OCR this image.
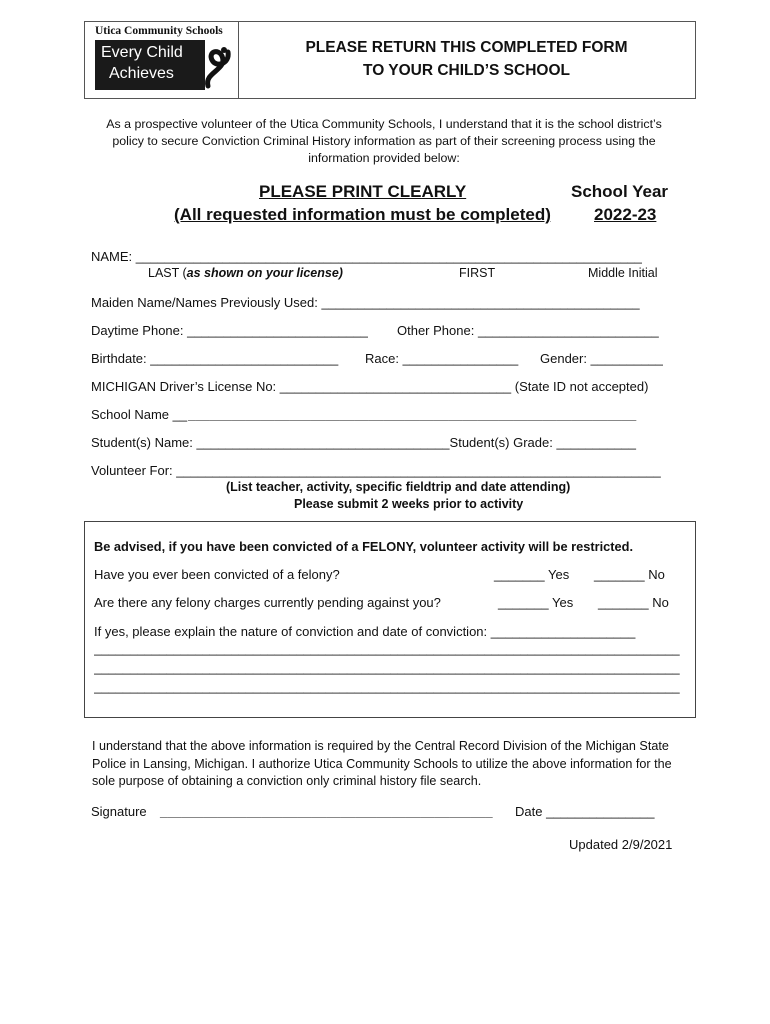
Utica Community Schools
Every Child
Achieves
PLEASE RETURN THIS COMPLETED FORM
TO YOUR CHILD’S SCHOOL
As a prospective volunteer of the Utica Community Schools, I understand that it is the school district’s policy to secure Conviction Criminal History information as part of their screening process using the information provided below:
PLEASE PRINT CLEARLY
(All requested information must be completed)
School Year
2022-23
NAME: ______________________________________________________________________
LAST (as shown on your license)	FIRST	Middle Initial
Maiden Name/Names Previously Used: ____________________________________________
Daytime Phone: _________________________ Other Phone: _________________________
Birthdate: __________________________ Race: ________________ Gender: __________
MICHIGAN Driver’s License No: ________________________________ (State ID not accepted)
School Name __ ______________________________________________________________
Student(s) Name: ___________________________________Student(s) Grade: ___________
Volunteer For: ___________________________________________________________________
(List teacher, activity, specific fieldtrip and date attending)
Please submit 2 weeks prior to activity
Be advised, if you have been convicted of a FELONY, volunteer activity will be restricted.
Have you ever been convicted of a felony?	_______ Yes _______ No
Are there any felony charges currently pending against you?	_______ Yes _______ No
If yes, please explain the nature of conviction and date of conviction: ____________________
_________________________________________________________________________________
_________________________________________________________________________________
_________________________________________________________________________________
I understand that the above information is required by the Central Record Division of the Michigan State Police in Lansing, Michigan. I authorize Utica Community Schools to utilize the above information for the sole purpose of obtaining a conviction only criminal history file search.
Signature ______________________________________________ Date _______________
Updated 2/9/2021
